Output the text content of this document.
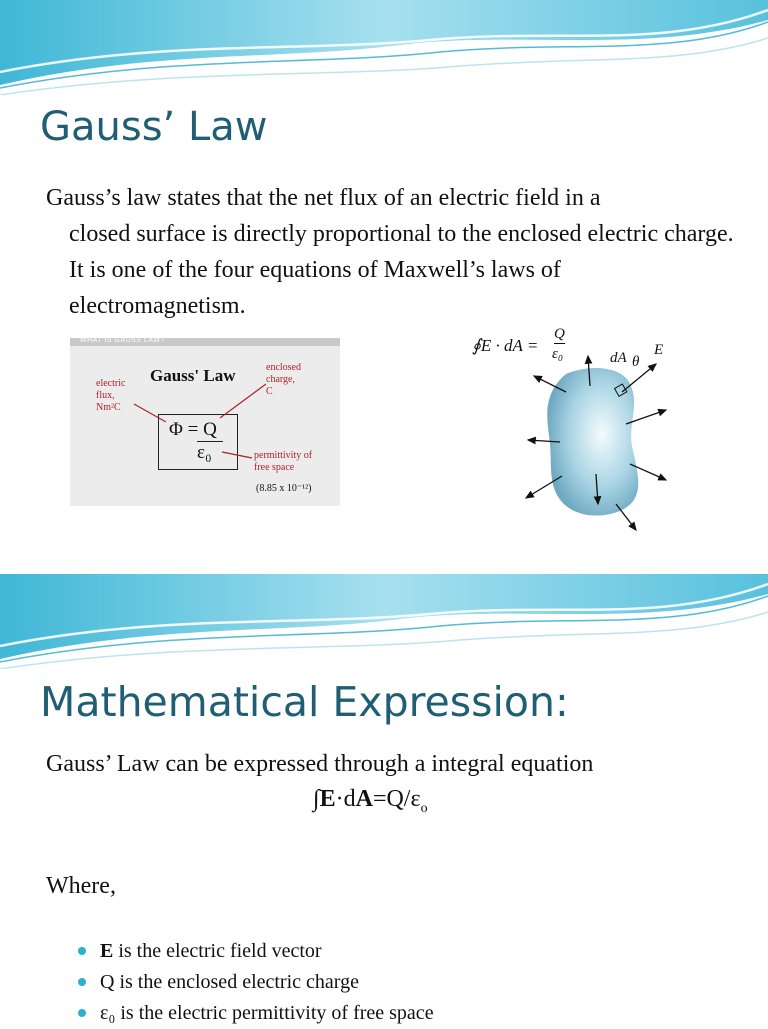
Gauss’ Law
Gauss’s law states that the net flux of an electric field in a
closed surface is directly proportional to the enclosed electric charge. It is one of the four equations of Maxwell’s laws of electromagnetism.
WHAT IS GAUSS LAW?
Gauss' Law
electric
flux,
Nm²C
enclosed
charge,
C
Φ = Q
ε₀	permittivity of
free space
(8.85 x 10⁻¹²)
∮E · dA =
Q
ε₀	dA θ
E
Mathematical Expression:
Gauss’ Law can be expressed through a integral equation
$\int E\cdot dA=Q/\varepsilon_o$
Where,
E is the electric field vector
Q is the enclosed electric charge
ε₀ is the electric permittivity of free space
